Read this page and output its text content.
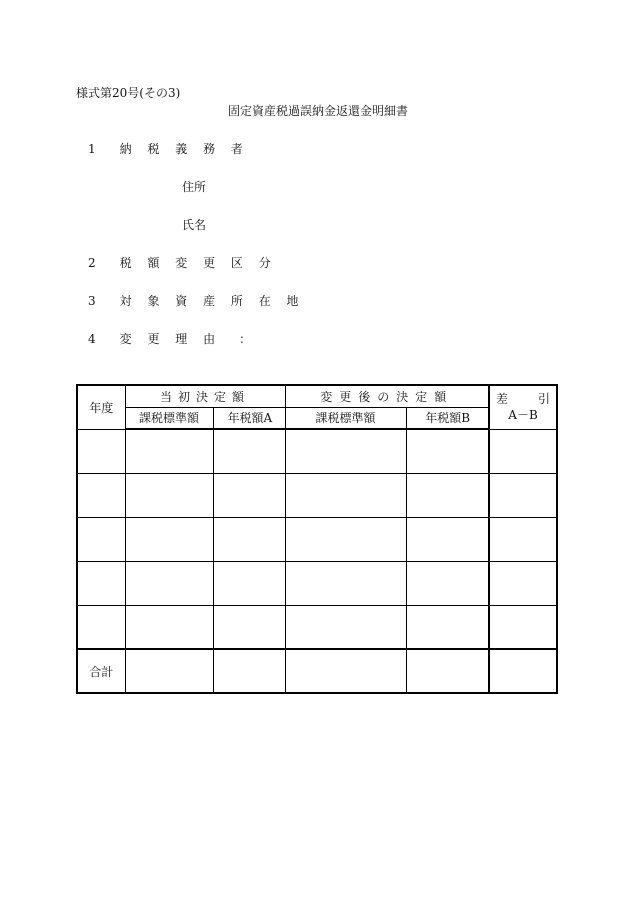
様式第20号(その3)
固定資産税過誤納金返還金明細書
1　納 税 義 務 者
住所
氏名
2　税 額 変 更 区 分
3　対 象 資 産 所 在 地
4　変 更 理 由　：
年度	当初決定額		変更後の決定額		差 引
A－B

	課税標準額	年税額A	課税標準額	年税額B	

合計					
